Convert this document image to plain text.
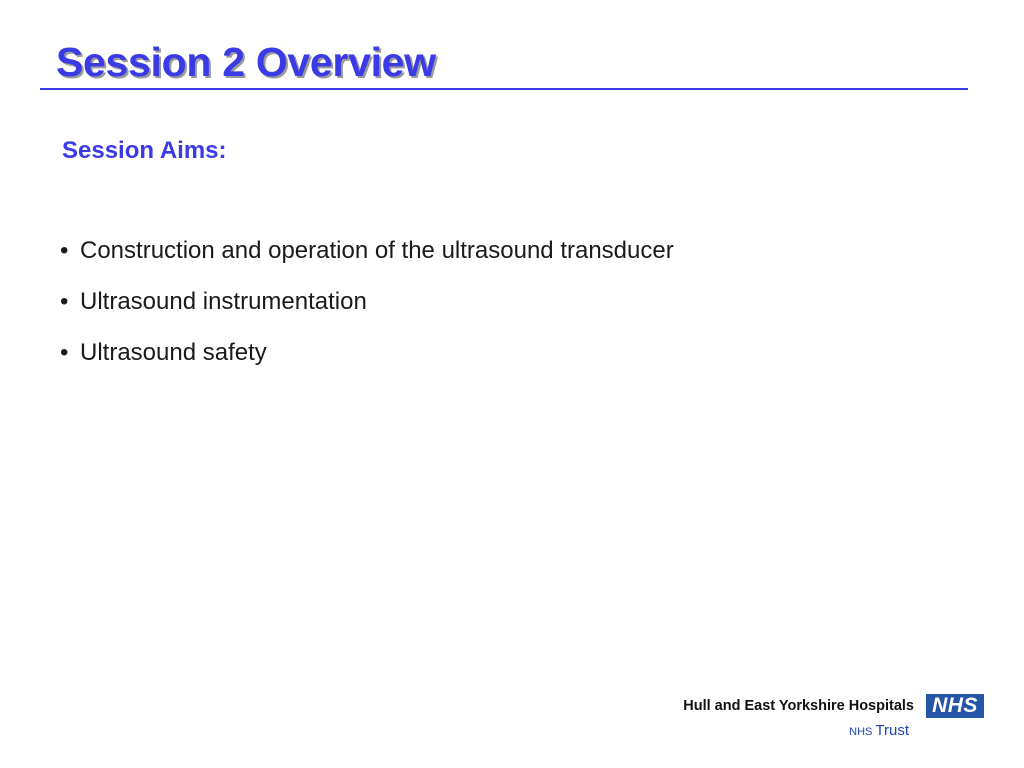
Session 2 Overview
Session Aims:
• Construction and operation of the ultrasound transducer
• Ultrasound instrumentation
• Ultrasound safety
Hull and East Yorkshire Hospitals
NHS Trust
NHS
